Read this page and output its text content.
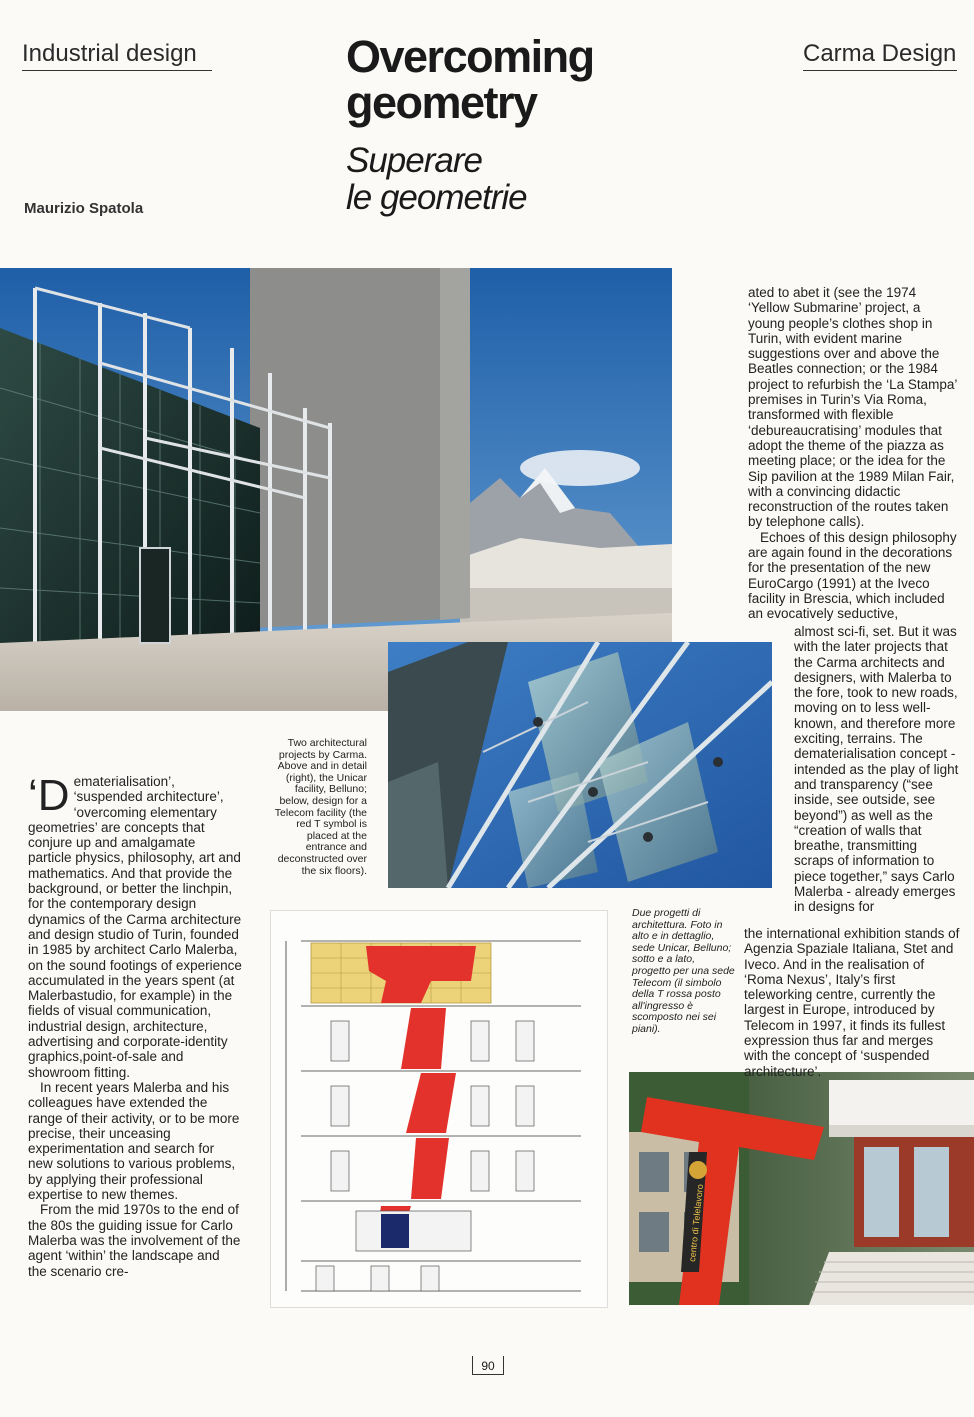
Industrial design	Carma Design
Overcoming
geometry
Superare
le geometrie
Maurizio Spatola
centro di Telelavoro
Two architectural projects by Carma. Above and in detail (right), the Unicar facility, Belluno; below, design for a Telecom facility (the red T symbol is placed at the entrance and deconstructed over the six floors).
Due progetti di architettura. Foto in alto e in dettaglio, sede Unicar, Belluno; sotto e a lato, progetto per una sede Telecom (il simbolo della T rossa posto all'ingresso è scomposto nei sei piani).

‘Dematerialisation’, ‘suspended architecture’, ‘overcoming elementary geometries’ are concepts that conjure up and amalgamate particle physics, philosophy, art and mathematics. And that provide the background, or better the linchpin, for the contemporary design dynamics of the Carma architecture and design studio of Turin, founded in 1985 by architect Carlo Malerba, on the sound footings of experience accumulated in the years spent (at Malerbastudio, for example) in the fields of visual communication, industrial design, architecture, advertising and corporate-identity graphics,point-of-sale and showroom fitting.

In recent years Malerba and his colleagues have extended the range of their activity, or to be more precise, their unceasing experimentation and search for new solutions to various problems, by applying their professional expertise to new themes.

From the mid 1970s to the end of the 80s the guiding issue for Carlo Malerba was the involvement of the agent ‘within’ the landscape and the scenario cre-

ated to abet it (see the 1974 ‘Yellow Submarine’ project, a young people’s clothes shop in Turin, with evident marine suggestions over and above the Beatles connection; or the 1984 project to refurbish the ‘La Stampa’ premises in Turin’s Via Roma, transformed with flexible ‘debureaucratising’ modules that adopt the theme of the piazza as meeting place; or the idea for the Sip pavilion at the 1989 Milan Fair, with a convincing didactic reconstruction of the routes taken by telephone calls).

Echoes of this design philosophy are again found in the decorations for the presentation of the new EuroCargo (1991) at the Iveco facility in Brescia, which included an evocatively seductive,

almost sci-fi, set. But it was with the later projects that the Carma architects and designers, with Malerba to the fore, took to new roads, moving on to less well-known, and therefore more exciting, terrains. The dematerialisation concept - intended as the play of light and transparency (“see inside, see outside, see beyond”) as well as the “creation of walls that breathe, transmitting scraps of information to piece together,” says Carlo Malerba - already emerges in designs for

the international exhibition stands of Agenzia Spaziale Italiana, Stet and Iveco. And in the realisation of ‘Roma Nexus’, Italy’s first teleworking centre, currently the largest in Europe, introduced by Telecom in 1997, it finds its fullest expression thus far and merges with the concept of ‘suspended architecture’.

90
